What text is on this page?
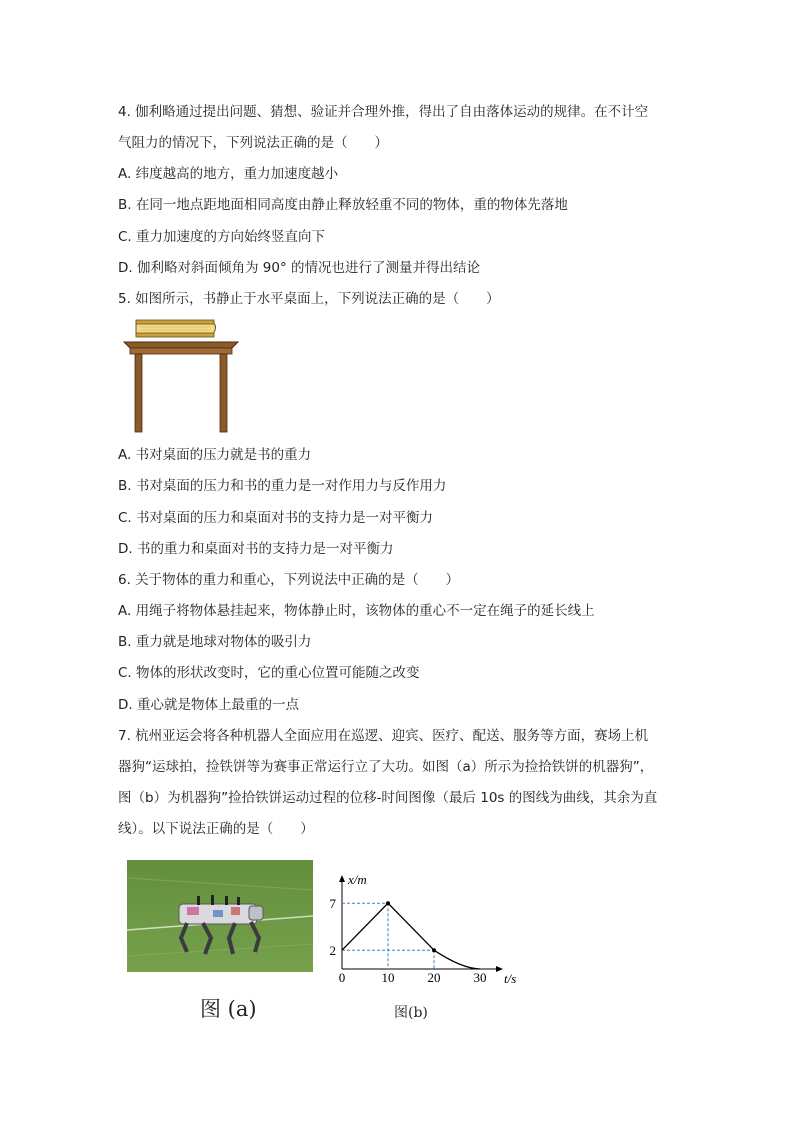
4. 伽利略通过提出问题、猜想、验证并合理外推，得出了自由落体运动的规律。在不计空
气阻力的情况下，下列说法正确的是（　　）
A. 纬度越高的地方，重力加速度越小
B. 在同一地点距地面相同高度由静止释放轻重不同的物体，重的物体先落地
C. 重力加速度的方向始终竖直向下
D. 伽利略对斜面倾角为 90° 的情况也进行了测量并得出结论
5. 如图所示，书静止于水平桌面上，下列说法正确的是（　　）
A. 书对桌面的压力就是书的重力
B. 书对桌面的压力和书的重力是一对作用力与反作用力
C. 书对桌面的压力和桌面对书的支持力是一对平衡力
D. 书的重力和桌面对书的支持力是一对平衡力
6. 关于物体的重力和重心，下列说法中正确的是（　　）
A. 用绳子将物体悬挂起来，物体静止时，该物体的重心不一定在绳子的延长线上
B. 重力就是地球对物体的吸引力
C. 物体的形状改变时，它的重心位置可能随之改变
D. 重心就是物体上最重的一点
7. 杭州亚运会将各种机器人全面应用在巡逻、迎宾、医疗、配送、服务等方面，赛场上机
器狗“运球拍，捡铁饼等为赛事正常运行立了大功。如图（a）所示为捡拾铁饼的机器狗”，
图（b）为机器狗”捡拾铁饼运动过程的位移-时间图像（最后 10s 的图线为曲线，其余为直
线）。以下说法正确的是（　　）
图 (a)
0	10	20	30
2
7
t/s
x/m
图(b)
